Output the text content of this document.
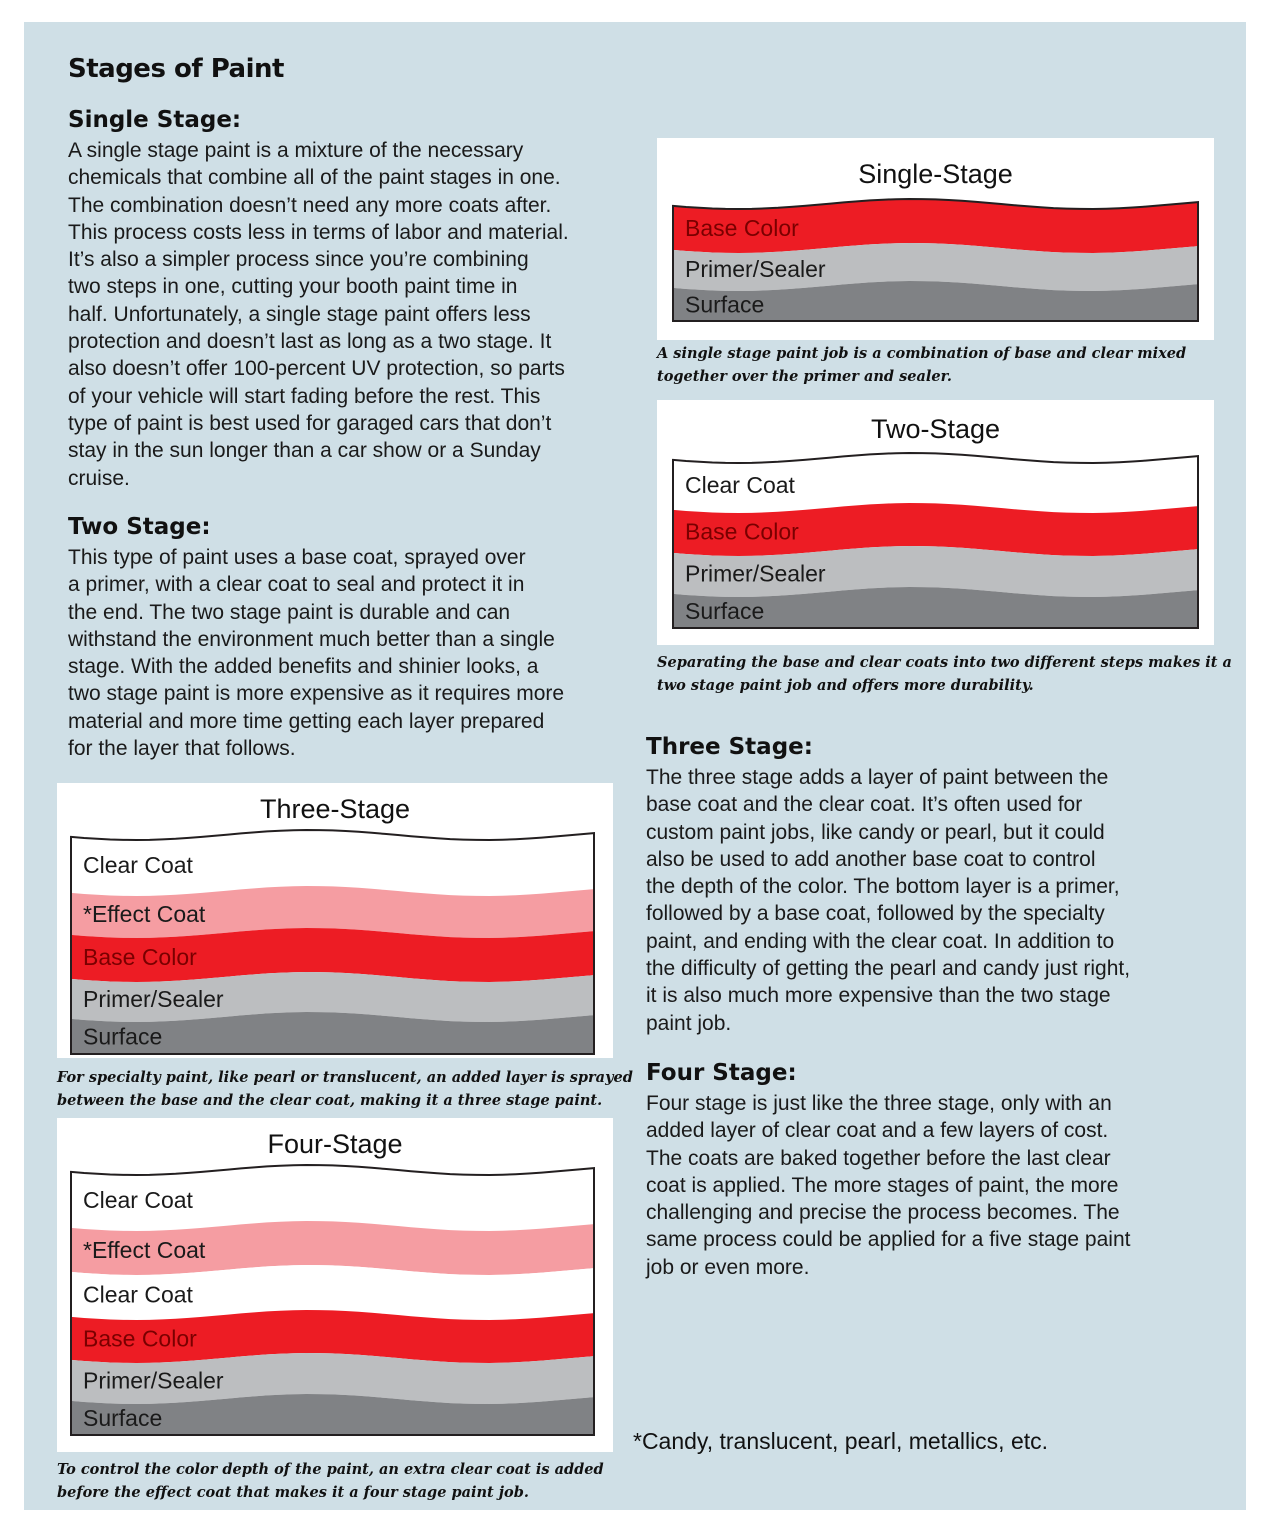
Stages of Paint
Single Stage:
A single stage paint is a mixture of the necessary
chemicals that combine all of the paint stages in one.
The combination doesn’t need any more coats after.
This process costs less in terms of labor and material.
It’s also a simpler process since you’re combining
two steps in one, cutting your booth paint time in
half. Unfortunately, a single stage paint offers less
protection and doesn’t last as long as a two stage. It
also doesn’t offer 100-percent UV protection, so parts
of your vehicle will start fading before the rest. This
type of paint is best used for garaged cars that don’t
stay in the sun longer than a car show or a Sunday
cruise.
Two Stage:
This type of paint uses a base coat, sprayed over
a primer, with a clear coat to seal and protect it in
the end. The two stage paint is durable and can
withstand the environment much better than a single
stage. With the added benefits and shinier looks, a
two stage paint is more expensive as it requires more
material and more time getting each layer prepared
for the layer that follows.	Three Stage:
The three stage adds a layer of paint between the
base coat and the clear coat. It’s often used for
custom paint jobs, like candy or pearl, but it could
also be used to add another base coat to control
the depth of the color. The bottom layer is a primer,
followed by a base coat, followed by the specialty
paint, and ending with the clear coat. In addition to
the difficulty of getting the pearl and candy just right,
it is also much more expensive than the two stage
paint job.
Four Stage:
Four stage is just like the three stage, only with an
added layer of clear coat and a few layers of cost.
The coats are baked together before the last clear
coat is applied. The more stages of paint, the more
challenging and precise the process becomes. The
same process could be applied for a five stage paint
job or even more.
Single-Stage
Base Color
Primer/Sealer
Surface
A single stage paint job is a combination of base and clear mixed
together over the primer and sealer.
Two-Stage
Clear Coat
Base Color
Primer/Sealer
Surface
Separating the base and clear coats into two different steps makes it a
two stage paint job and offers more durability.
Three-Stage
Clear Coat
*Effect Coat
Base Color
Primer/Sealer
Surface
For specialty paint, like pearl or translucent, an added layer is sprayed
between the base and the clear coat, making it a three stage paint.
Four-Stage
Clear Coat
*Effect Coat
Clear Coat
Base Color
Primer/Sealer
Surface
To control the color depth of the paint, an extra clear coat is added
before the effect coat that makes it a four stage paint job.
*Candy, translucent, pearl, metallics, etc.
